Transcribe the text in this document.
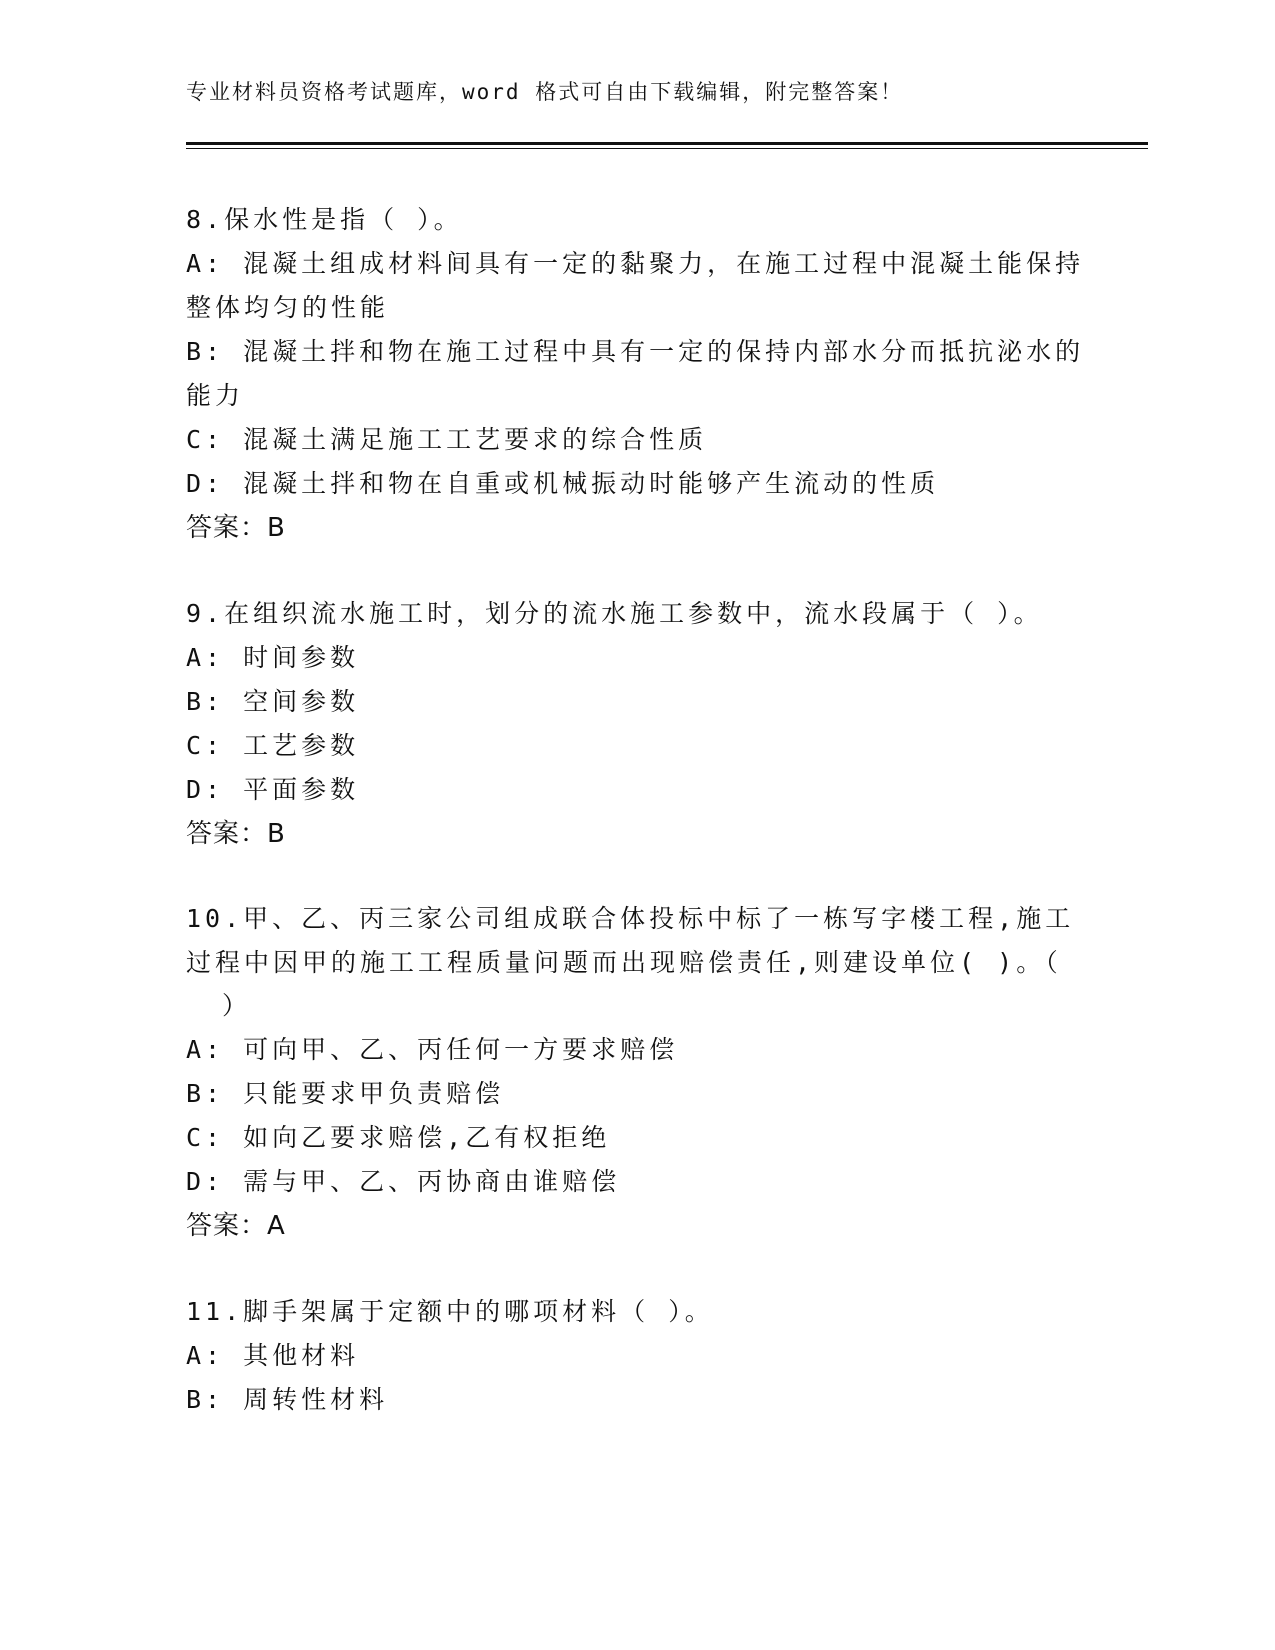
专业材料员资格考试题库，word 格式可自由下载编辑，附完整答案！
8.保水性是指（ ）。
A: 混凝土组成材料间具有一定的黏聚力，在施工过程中混凝土能保持
整体均匀的性能
B: 混凝土拌和物在施工过程中具有一定的保持内部水分而抵抗泌水的
能力
C: 混凝土满足施工工艺要求的综合性质
D: 混凝土拌和物在自重或机械振动时能够产生流动的性质
答案：B
9.在组织流水施工时，划分的流水施工参数中，流水段属于（ ）。
A: 时间参数
B: 空间参数
C: 工艺参数
D: 平面参数
答案：B
10.甲、乙、丙三家公司组成联合体投标中标了一栋写字楼工程,施工
过程中因甲的施工工程质量问题而出现赔偿责任,则建设单位( )。（
）
A: 可向甲、乙、丙任何一方要求赔偿
B: 只能要求甲负责赔偿
C: 如向乙要求赔偿,乙有权拒绝
D: 需与甲、乙、丙协商由谁赔偿
答案：A
11.脚手架属于定额中的哪项材料（ ）。
A: 其他材料
B: 周转性材料
